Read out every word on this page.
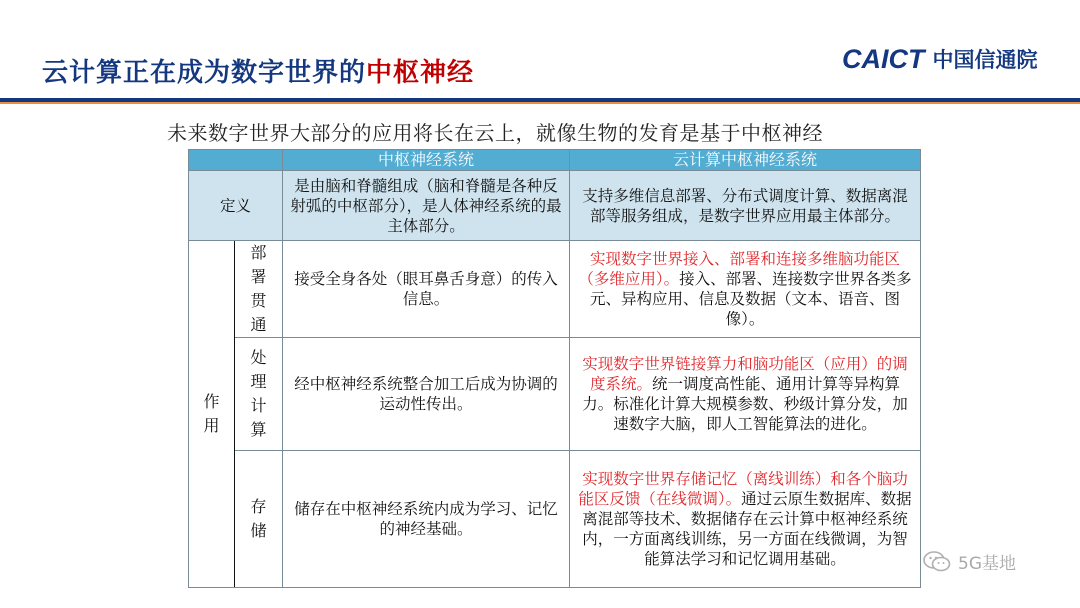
云计算正在成为数字世界的中枢神经	CAICT 中国信通院
未来数字世界大部分的应用将长在云上，就像生物的发育是基于中枢神经
		中枢神经系统	云计算中枢神经系统
定义		是由脑和脊髓组成（脑和脊髓是各种反射弧的中枢部分），是人体神经系统的最主体部分。	支持多维信息部署、分布式调度计算、数据离混部等服务组成，是数字世界应用最主体部分。

作用	部署贯通	接受全身各处（眼耳鼻舌身意）的传入信息。	实现数字世界接入、部署和连接多维脑功能区（多维应用）。接入、部署、连接数字世界各类多元、异构应用、信息及数据（文本、语音、图像）。

	处理计算	经中枢神经系统整合加工后成为协调的运动性传出。	实现数字世界链接算力和脑功能区（应用）的调度系统。统一调度高性能、通用计算等异构算力。标准化计算大规模参数、秒级计算分发，加速数字大脑，即人工智能算法的进化。

	存储	储存在中枢神经系统内成为学习、记忆的神经基础。	实现数字世界存储记忆（离线训练）和各个脑功能区反馈（在线微调）。通过云原生数据库、数据离混部等技术、数据储存在云计算中枢神经系统内，一方面离线训练，另一方面在线微调，为智能算法学习和记忆调用基础。	5G基地
